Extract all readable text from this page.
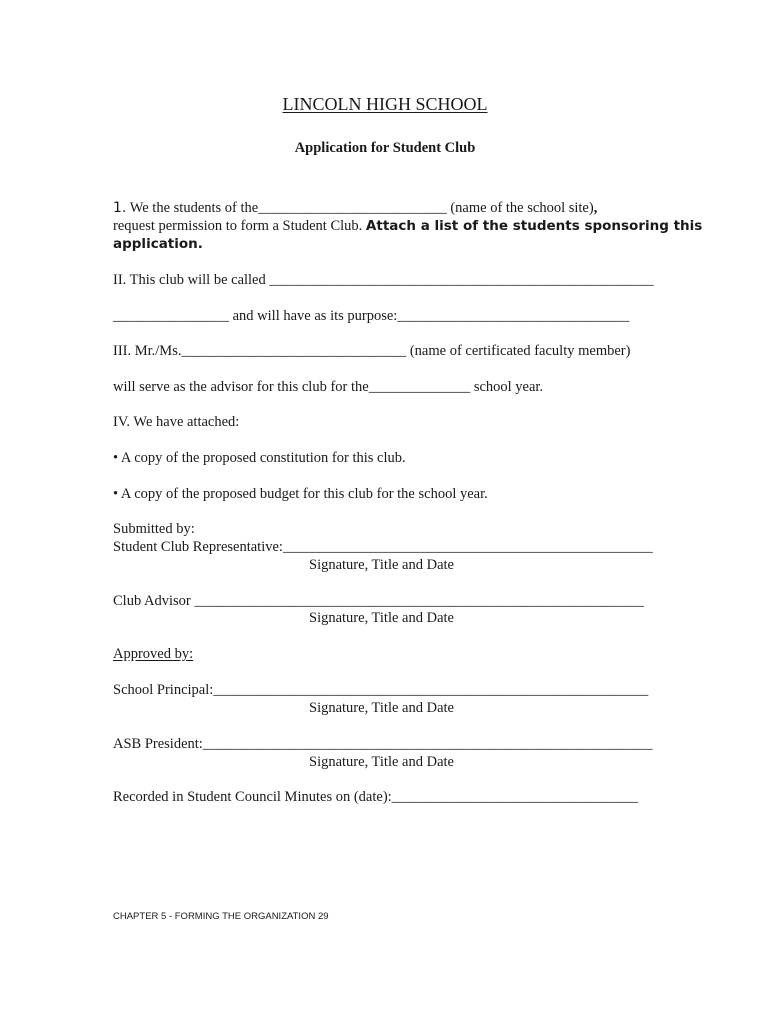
LINCOLN HIGH SCHOOL
Application for Student Club
1. We the students of the__________________________ (name of the school site),
request permission to form a Student Club. Attach a list of the students sponsoring this
application.
II. This club will be called _____________________________________________________
________________ and will have as its purpose:________________________________
III. Mr./Ms._______________________________ (name of certificated faculty member)
will serve as the advisor for this club for the______________ school year.
IV. We have attached:
• A copy of the proposed constitution for this club.
• A copy of the proposed budget for this club for the school year.
Submitted by:
Student Club Representative:___________________________________________________
Signature, Title and Date
Club Advisor ______________________________________________________________
Signature, Title and Date
Approved by:
School Principal:____________________________________________________________
Signature, Title and Date
ASB President:______________________________________________________________
Signature, Title and Date
Recorded in Student Council Minutes on (date):__________________________________
CHAPTER 5 - FORMING THE ORGANIZATION 29
